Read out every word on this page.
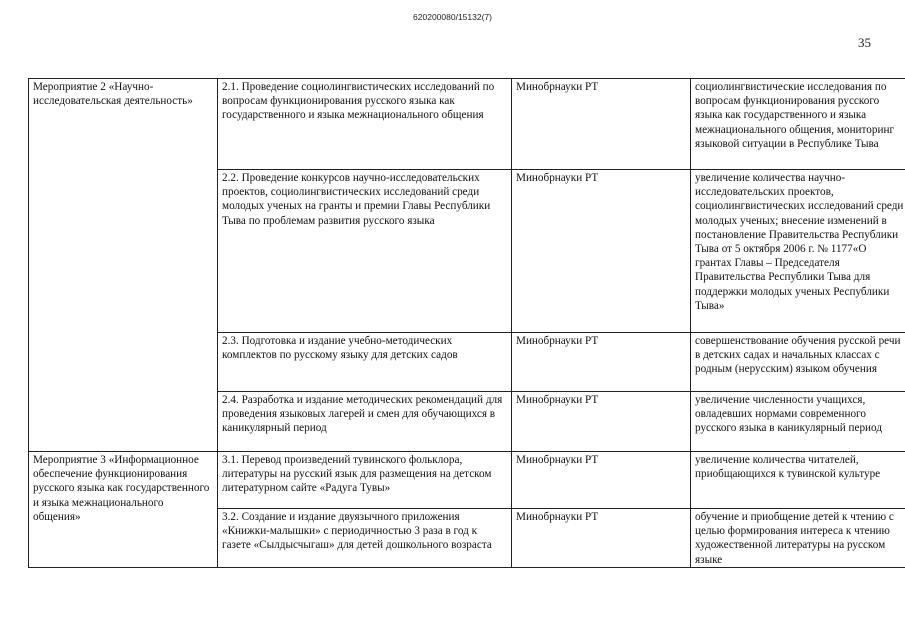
620200080/15132(7)
35
Мероприятие 2 «Научно-исследовательская деятельность»	2.1. Проведение социолингвистических исследований по вопросам функционирования русского языка как государственного и языка межнационального общения	Минобрнауки РТ	социолингвистические исследования по вопросам функционирования русского языка как государственного и языка межнационального общения, мониторинг языковой ситуации в Республике Тыва
	2.2. Проведение конкурсов научно-исследовательских проектов, социолингвистических исследований среди молодых ученых на гранты и премии Главы Республики Тыва по проблемам развития русского языка	Минобрнауки РТ	увеличение количества научно-исследовательских проектов, социолингвистических исследований среди молодых ученых; внесение изменений в постановление Правительства Республики Тыва от 5 октября 2006 г. № 1177«О грантах Главы – Председателя Правительства Республики Тыва для поддержки молодых ученых Республики Тыва»
	2.3. Подготовка и издание учебно-методических комплектов по русскому языку для детских садов	Минобрнауки РТ	совершенствование обучения русской речи в детских садах и начальных классах с родным (нерусским) языком обучения
	2.4. Разработка и издание методических рекомендаций для проведения языковых лагерей и смен для обучающихся в каникулярный период	Минобрнауки РТ	увеличение численности учащихся, овладевших нормами современного русского языка в каникулярный период
Мероприятие 3 «Информационное обеспечение функционирования русского языка как государственного и языка межнационального общения»	3.1. Перевод произведений тувинского фольклора, литературы на русский язык для размещения на детском литературном сайте «Радуга Тувы»	Минобрнауки РТ	увеличение количества читателей, приобщающихся к тувинской культуре
	3.2. Создание и издание двуязычного приложения «Книжки-малышки» с периодичностью 3 раза в год к газете «Сылдысчыгаш» для детей дошкольного возраста	Минобрнауки РТ	обучение и приобщение детей к чтению с целью формирования интереса к чтению художественной литературы на русском языке
